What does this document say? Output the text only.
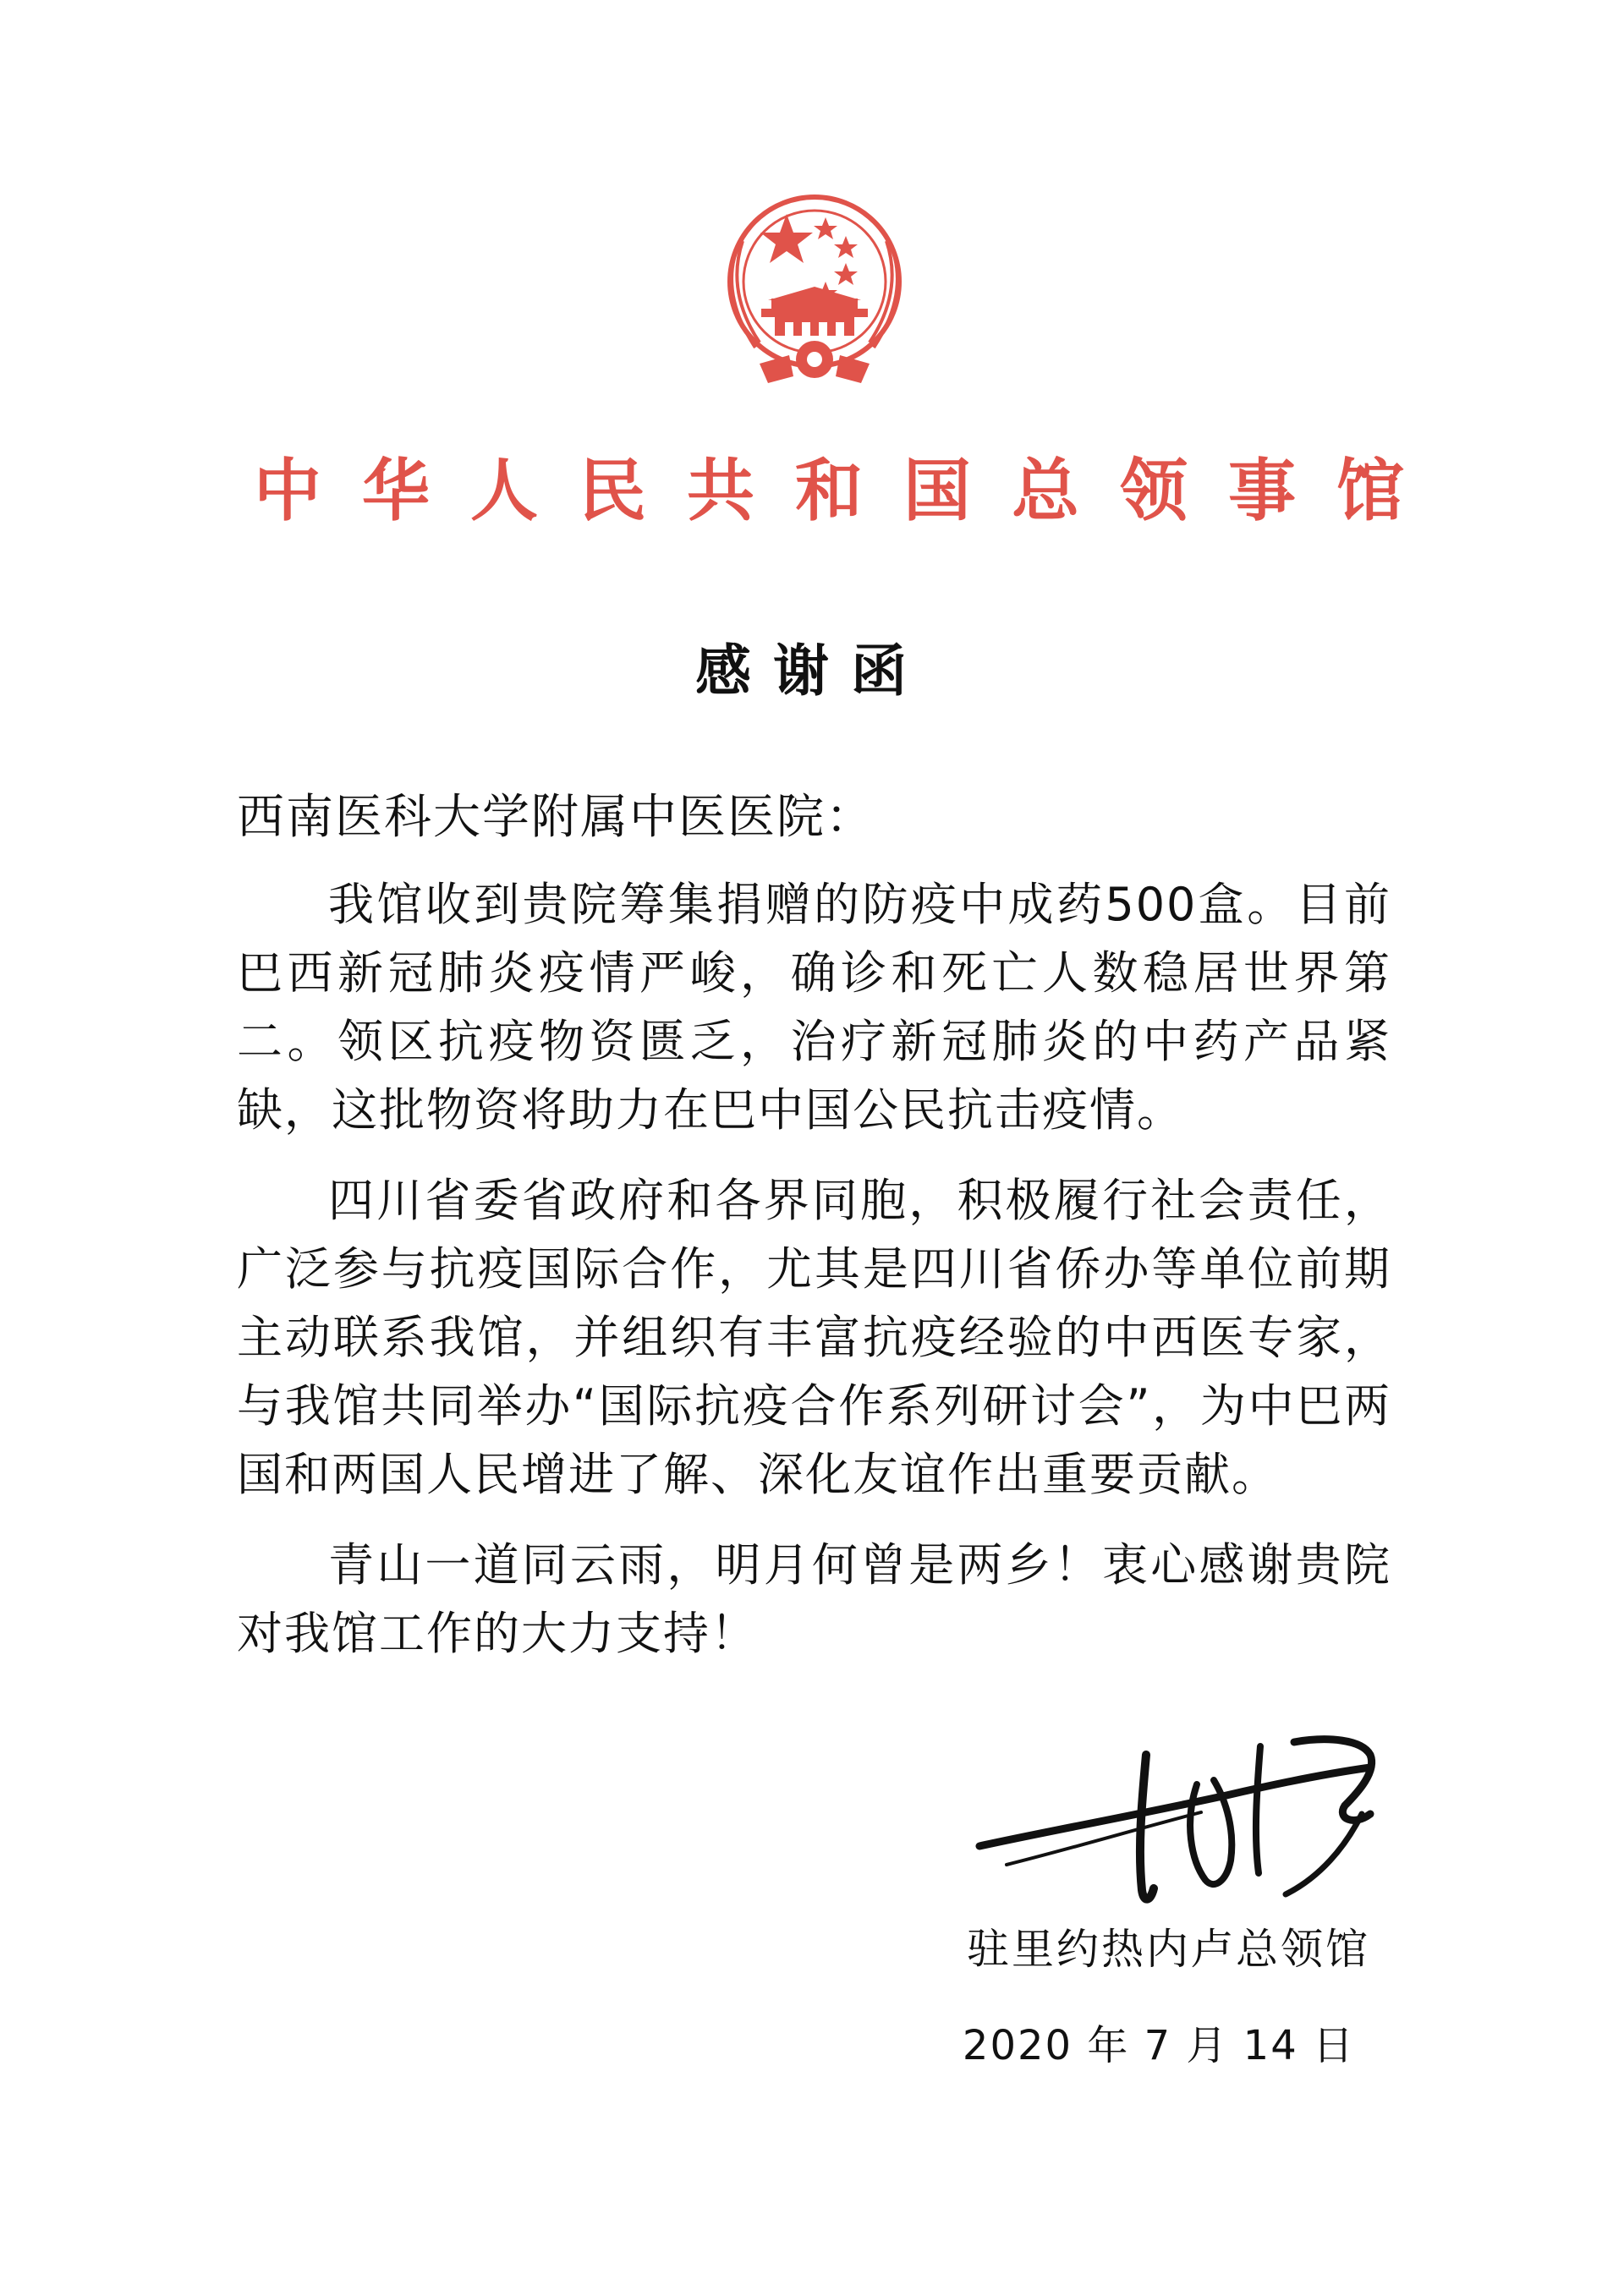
中 华 人 民 共 和 国 总 领 事 馆
感谢函

西南医科大学附属中医医院：

我馆收到贵院筹集捐赠的防疫中成药500盒。目前巴西新冠肺炎疫情严峻，确诊和死亡人数稳居世界第二。领区抗疫物资匮乏，治疗新冠肺炎的中药产品紧缺，这批物资将助力在巴中国公民抗击疫情。

四川省委省政府和各界同胞，积极履行社会责任，广泛参与抗疫国际合作，尤其是四川省侨办等单位前期主动联系我馆，并组织有丰富抗疫经验的中西医专家，与我馆共同举办“国际抗疫合作系列研讨会”，为中巴两国和两国人民增进了解、深化友谊作出重要贡献。

青山一道同云雨，明月何曾是两乡！衷心感谢贵院对我馆工作的大力支持！

驻里约热内卢总领馆
2020 年 7 月 14 日
